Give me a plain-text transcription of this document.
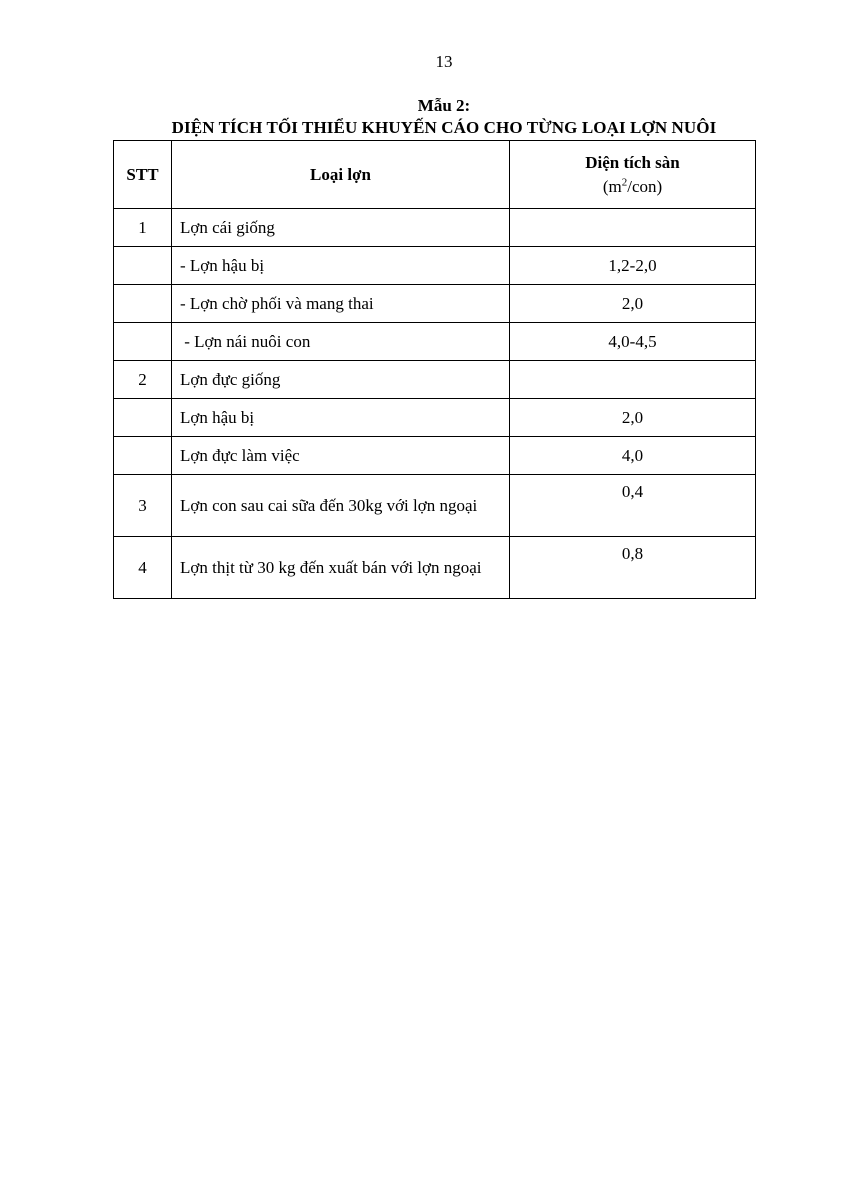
13
Mẫu 2:
DIỆN TÍCH TỐI THIỂU KHUYẾN CÁO CHO TỪNG LOẠI LỢN NUÔI
STT	Loại lợn	Diện tích sàn
$(m^2/con)$

1	Lợn cái giống	
	- Lợn hậu bị	1,2-2,0
	- Lợn chờ phối và mang thai	2,0
	- Lợn nái nuôi con	4,0-4,5
2	Lợn đực giống	
	Lợn hậu bị	2,0
	Lợn đực làm việc	4,0
3	Lợn con sau cai sữa đến 30kg với lợn ngoại	0,4
4	Lợn thịt từ 30 kg đến xuất bán với lợn ngoại	0,8
